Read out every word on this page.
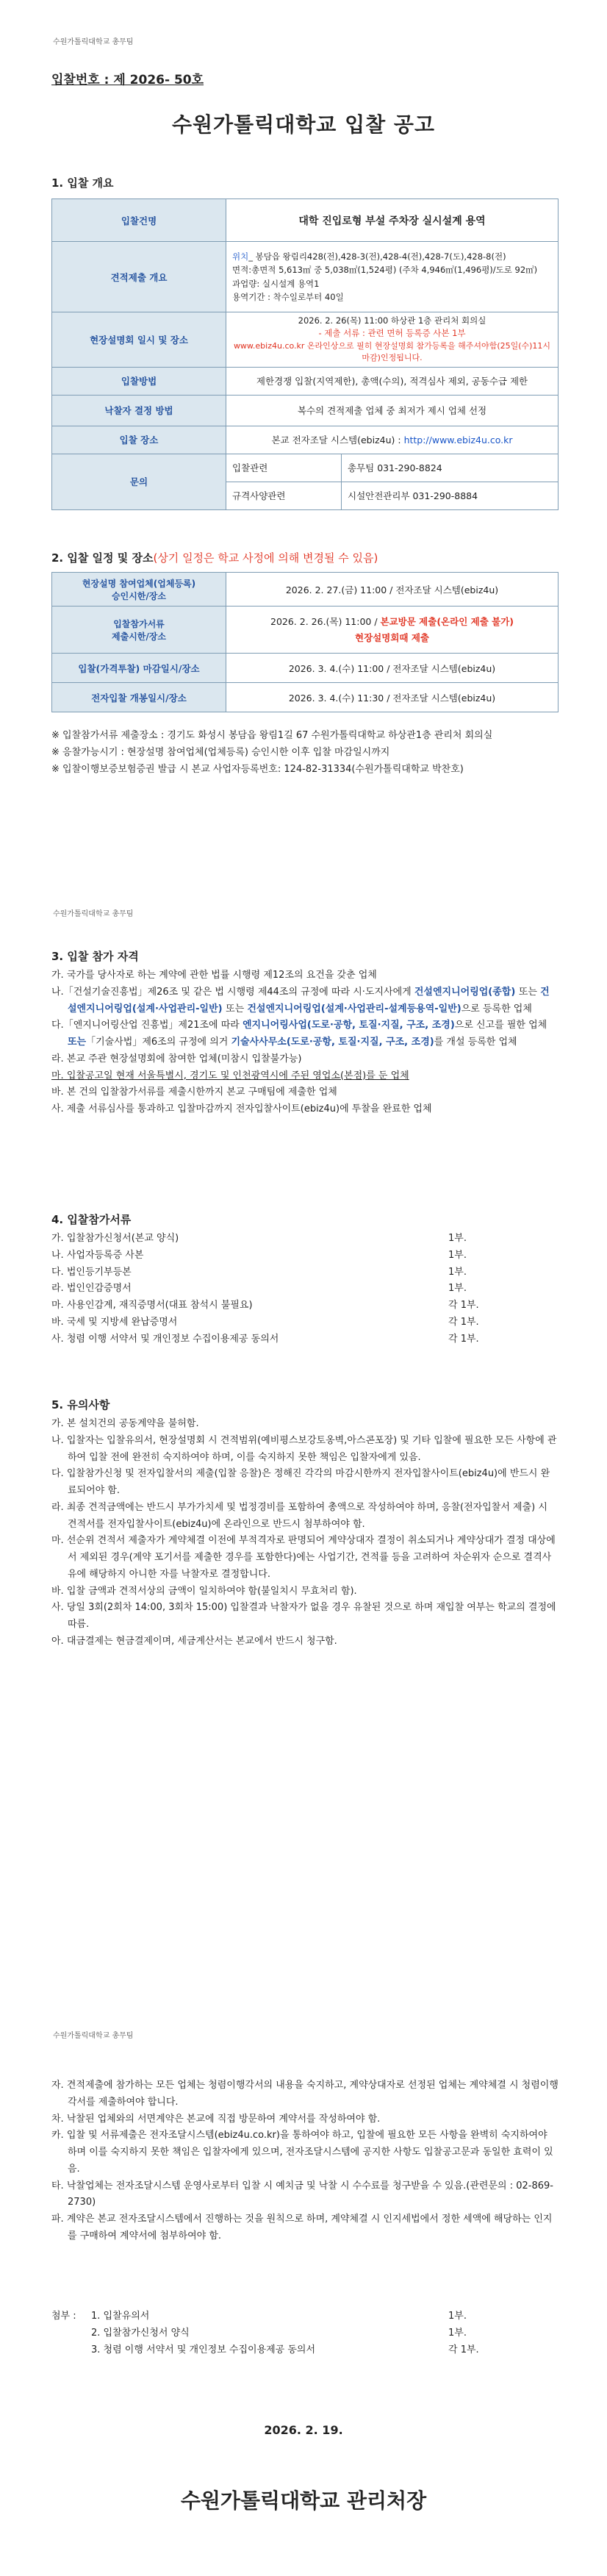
수원가톨릭대학교 총무팀
입찰번호 : 제 2026- 50호
수원가톨릭대학교 입찰 공고
1. 입찰 개요
입찰건명	대학 진입로형 부설 주차장 실시설계 용역	
견적제출 개요	위치_ 봉담읍 왕림리428(전),428-3(전),428-4(전),428-7(도),428-8(전)
면적:총면적 5,613㎡ 중 5,038㎡(1,524평) (주차 4,946㎡(1,496평)/도로 92㎡)
과업량: 실시설계 용역1
용역기간 : 착수일로부터 40일	

현장설명회 일시 및 장소	2026. 2. 26(목) 11:00 하상관 1층 관리처 회의실
- 제출 서류 : 관련 면허 등록증 사본 1부
www.ebiz4u.co.kr 온라인상으로 필히 현장설명회 참가등록을 해주셔야함(25일(수)11시 마감)인정됩니다.	

입찰방법	제한경쟁 입찰(지역제한), 총액(수의), 적격심사 제외, 공동수급 제한	
낙찰자 결정 방법	복수의 견적제출 업체 중 최저가 제시 업체 선정	
입찰 장소	본교 전자조달 시스템(ebiz4u) : http://www.ebiz4u.co.kr	
문의	입찰관련	총무팀 031-290-8824
	규격사양관련	시설안전관리부 031-290-8884
2. 입찰 일정 및 장소(상기 일정은 학교 사정에 의해 변경될 수 있음)
현장설명 참여업체(업체등록)
승인시한/장소	2026. 2. 27.(금) 11:00 / 전자조달 시스템(ebiz4u)
입찰참가서류
제출시한/장소	2026. 2. 26.(목) 11:00 / 본교방문 제출(온라인 제출 불가)
현장설명회때 제출
입찰(가격투찰) 마감일시/장소	2026. 3. 4.(수) 11:00 / 전자조달 시스템(ebiz4u)
전자입찰 개봉일시/장소	2026. 3. 4.(수) 11:30 / 전자조달 시스템(ebiz4u)

※ 입찰참가서류 제출장소 : 경기도 화성시 봉담읍 왕림1길 67 수원가톨릭대학교 하상관1층 관리처 회의실

※ 응찰가능시기 : 현장설명 참여업체(업체등록) 승인시한 이후 입찰 마감일시까지

※ 입찰이행보증보험증권 발급 시 본교 사업자등록번호: 124-82-31334(수원가톨릭대학교 박찬호)

수원가톨릭대학교 총무팀
3. 입찰 참가 자격

가. 국가를 당사자로 하는 계약에 관한 법률 시행령 제12조의 요건을 갖춘 업체

나.「건설기술진흥법」제26조 및 같은 법 시행령 제44조의 규정에 따라 시·도지사에게 건설엔지니어링업(종합) 또는 건설엔지니어링업(설계·사업관리-일반) 또는 건설엔지니어링업(설계·사업관리-설계등용역-일반)으로 등록한 업체

다.「엔지니어링산업 진흥법」제21조에 따라 엔지니어링사업(도로·공항, 토질·지질, 구조, 조경)으로 신고를 필한 업체 또는「기술사법」제6조의 규정에 의거 기술사사무소(도로·공항, 토질·지질, 구조, 조경)를 개설 등록한 업체

라. 본교 주관 현장설명회에 참여한 업체(미참시 입찰불가능)

마. 입찰공고일 현재 서울특별시, 경기도 및 인천광역시에 주된 영업소(본점)를 둔 업체

바. 본 건의 입찰참가서류를 제출시한까지 본교 구매팀에 제출한 업체

사. 제출 서류심사를 통과하고 입찰마감까지 전자입찰사이트(ebiz4u)에 투찰을 완료한 업체

4. 입찰참가서류
가. 입찰참가신청서(본교 양식)	1부.
나. 사업자등록증 사본	1부.
다. 법인등기부등본	1부.
라. 법인인감증명서	1부.
마. 사용인감계, 재직증명서(대표 참석시 불필요)	각 1부.
바. 국세 및 지방세 완납증명서	각 1부.
사. 청렴 이행 서약서 및 개인정보 수집이용제공 동의서	각 1부.
5. 유의사항

가. 본 설치건의 공동계약을 불허함.

나. 입찰자는 입찰유의서, 현장설명회 시 견적범위(예비평스보강토옹벽,아스콘포장) 및 기타 입찰에 필요한 모든 사항에 관하여 입찰 전에 완전히 숙지하여야 하며, 이를 숙지하지 못한 책임은 입찰자에게 있음.

다. 입찰참가신청 및 전자입찰서의 제출(입찰 응찰)은 정해진 각각의 마감시한까지 전자입찰사이트(ebiz4u)에 반드시 완료되어야 함.

라. 최종 견적금액에는 반드시 부가가치세 및 법정경비를 포함하여 총액으로 작성하여야 하며, 응찰(전자입찰서 제출) 시 견적서를 전자입찰사이트(ebiz4u)에 온라인으로 반드시 첨부하여야 함.

마. 선순위 견적서 제출자가 계약체결 이전에 부적격자로 판명되어 계약상대자 결정이 취소되거나 계약상대가 결정 대상에서 제외된 경우(계약 포기서를 제출한 경우를 포함한다)에는 사업기간, 견적률 등을 고려하여 차순위자 순으로 결격사유에 해당하지 아니한 자를 낙찰자로 결정합니다.

바. 입찰 금액과 견적서상의 금액이 일치하여야 함(불일치시 무효처리 함).

사. 당일 3회(2회차 14:00, 3회차 15:00) 입찰결과 낙찰자가 없을 경우 유찰된 것으로 하며 재입찰 여부는 학교의 결정에 따름.

아. 대금결제는 현금결제이며, 세금계산서는 본교에서 반드시 청구함.

수원가톨릭대학교 총무팀

자. 견적제출에 참가하는 모든 업체는 청렴이행각서의 내용을 숙지하고, 계약상대자로 선정된 업체는 계약체결 시 청렴이행각서를 제출하여야 합니다.

차. 낙찰된 업체와의 서면계약은 본교에 직접 방문하여 계약서를 작성하여야 함.

카. 입찰 및 서류제출은 전자조달시스템(ebiz4u.co.kr)을 통하여야 하고, 입찰에 필요한 모든 사항을 완벽히 숙지하여야 하며 이를 숙지하지 못한 책임은 입찰자에게 있으며, 전자조달시스템에 공지한 사항도 입찰공고문과 동일한 효력이 있음.

타. 낙찰업체는 전자조달시스템 운영사로부터 입찰 시 예치금 및 낙찰 시 수수료를 청구받을 수 있음.(관련문의 : 02-869-2730)

파. 계약은 본교 전자조달시스템에서 진행하는 것을 원칙으로 하며, 계약체결 시 인지세법에서 정한 세액에 해당하는 인지를 구매하여 계약서에 첨부하여야 함.

첨부 :	1. 입찰유의서	1부.
2. 입찰참가신청서 양식	1부.
3. 청렴 이행 서약서 및 개인정보 수집이용제공 동의서	각 1부.
2026. 2. 19.
수원가톨릭대학교 관리처장
